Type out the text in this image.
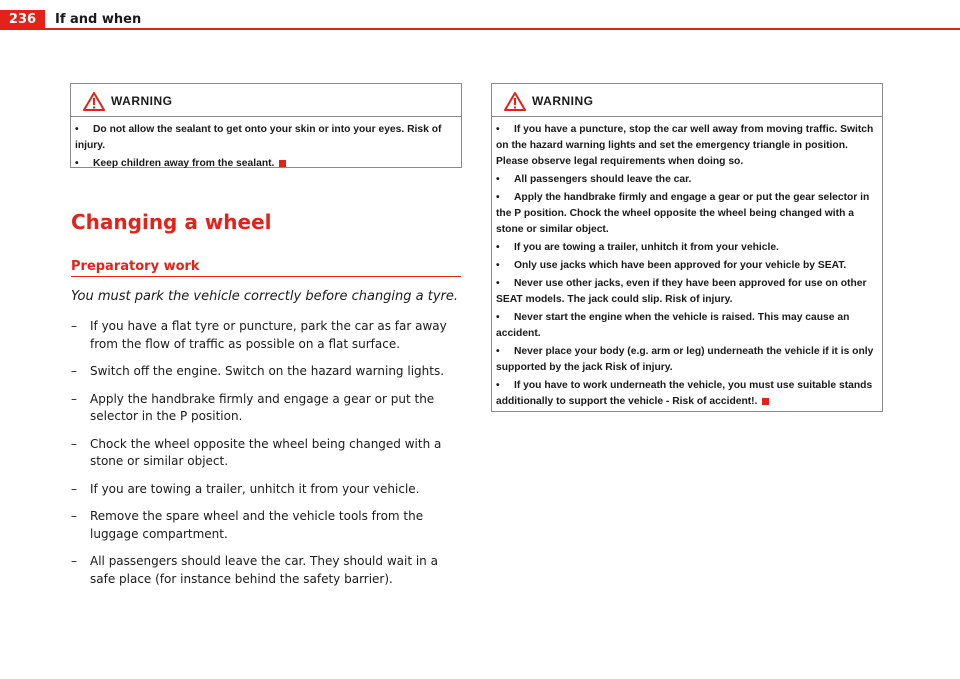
236	If and when
WARNING
• Do not allow the sealant to get onto your skin or into your eyes. Risk of injury.
• Keep children away from the sealant.
WARNING
• If you have a puncture, stop the car well away from moving traffic. Switch on the hazard warning lights and set the emergency triangle in position. Please observe legal requirements when doing so.
• All passengers should leave the car.
• Apply the handbrake firmly and engage a gear or put the gear selector in the P position. Chock the wheel opposite the wheel being changed with a stone or similar object.
• If you are towing a trailer, unhitch it from your vehicle.
• Only use jacks which have been approved for your vehicle by SEAT.
• Never use other jacks, even if they have been approved for use on other SEAT models. The jack could slip. Risk of injury.
• Never start the engine when the vehicle is raised. This may cause an accident.
• Never place your body (e.g. arm or leg) underneath the vehicle if it is only supported by the jack Risk of injury.
• If you have to work underneath the vehicle, you must use suitable stands additionally to support the vehicle - Risk of accident!.
Changing a wheel
Preparatory work

You must park the vehicle correctly before changing a tyre.

– If you have a flat tyre or puncture, park the car as far away from the flow of traffic as possible on a flat surface.
– Switch off the engine. Switch on the hazard warning lights.
– Apply the handbrake firmly and engage a gear or put the selector in the P position.
– Chock the wheel opposite the wheel being changed with a stone or similar object.
– If you are towing a trailer, unhitch it from your vehicle.
– Remove the spare wheel and the vehicle tools from the luggage compartment.
– All passengers should leave the car. They should wait in a safe place (for instance behind the safety barrier).
